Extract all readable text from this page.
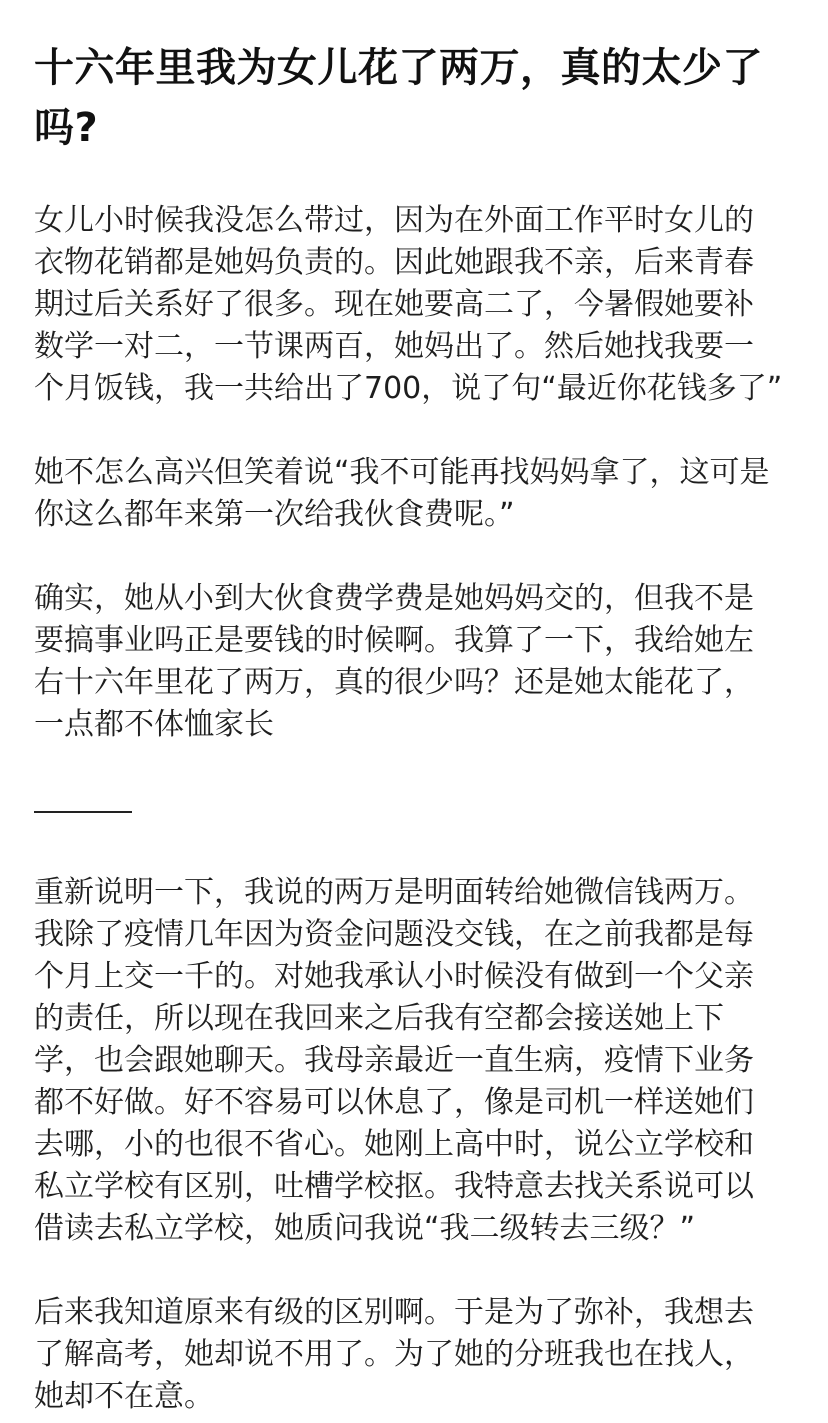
十六年里我为女儿花了两万，真的太少了
吗?
女儿小时候我没怎么带过，因为在外面工作平时女儿的
衣物花销都是她妈负责的。因此她跟我不亲，后来青春
期过后关系好了很多。现在她要高二了，今暑假她要补
数学一对二，一节课两百，她妈出了。然后她找我要一
个月饭钱，我一共给出了700，说了句“最近你花钱多了”
她不怎么高兴但笑着说“我不可能再找妈妈拿了，这可是
你这么都年来第一次给我伙食费呢。”
确实，她从小到大伙食费学费是她妈妈交的，但我不是
要搞事业吗正是要钱的时候啊。我算了一下，我给她左
右十六年里花了两万，真的很少吗？还是她太能花了，
一点都不体恤家长
重新说明一下，我说的两万是明面转给她微信钱两万。
我除了疫情几年因为资金问题没交钱，在之前我都是每
个月上交一千的。对她我承认小时候没有做到一个父亲
的责任，所以现在我回来之后我有空都会接送她上下
学，也会跟她聊天。我母亲最近一直生病，疫情下业务
都不好做。好不容易可以休息了，像是司机一样送她们
去哪，小的也很不省心。她刚上高中时，说公立学校和
私立学校有区别，吐槽学校抠。我特意去找关系说可以
借读去私立学校，她质问我说“我二级转去三级？”
后来我知道原来有级的区别啊。于是为了弥补，我想去
了解高考，她却说不用了。为了她的分班我也在找人，
她却不在意。
